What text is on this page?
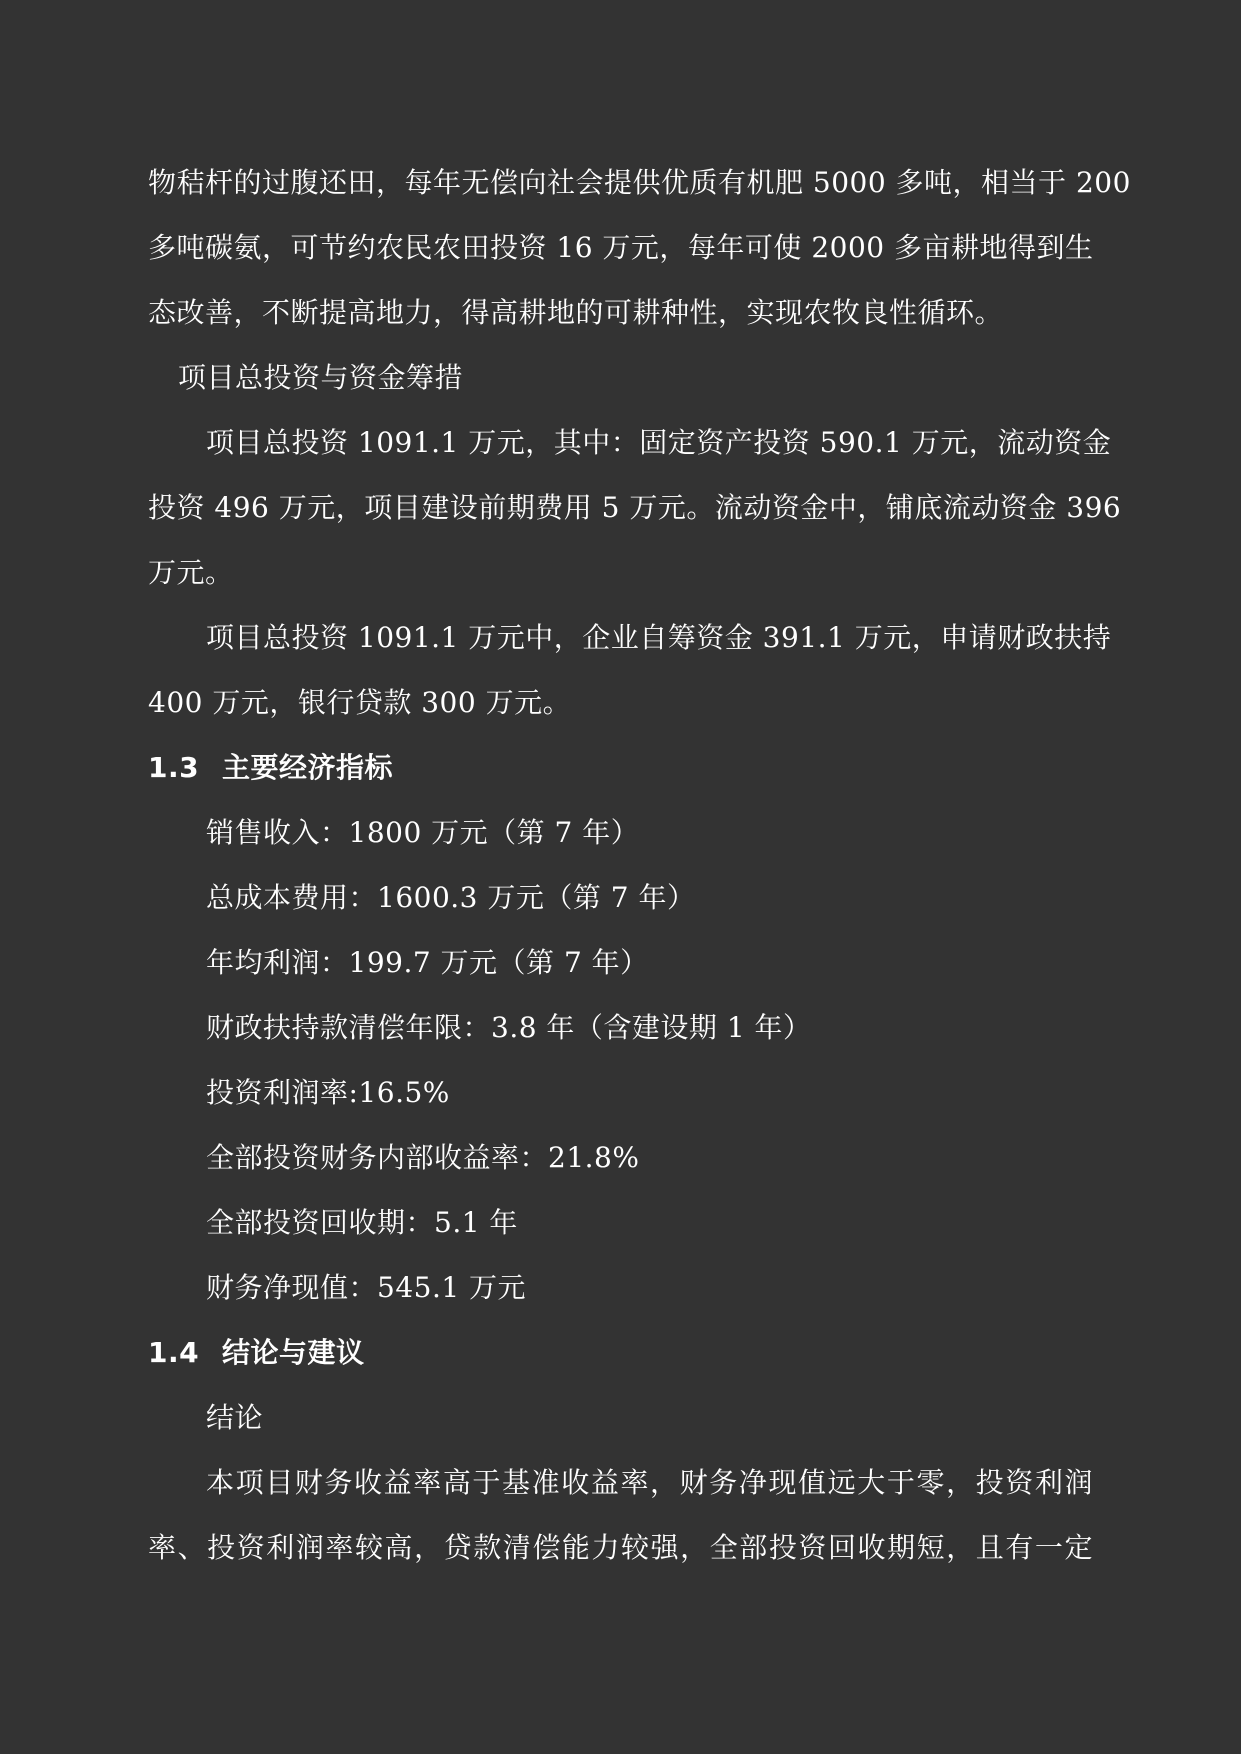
物秸杆的过腹还田，每年无偿向社会提供优质有机肥 5000 多吨，相当于 200
多吨碳氨，可节约农民农田投资 16 万元，每年可使 2000 多亩耕地得到生
态改善，不断提高地力，得高耕地的可耕种性，实现农牧良性循环。
项目总投资与资金筹措
项目总投资 1091.1 万元，其中：固定资产投资 590.1 万元，流动资金
投资 496 万元，项目建设前期费用 5 万元。流动资金中，铺底流动资金 396
万元。
项目总投资 1091.1 万元中，企业自筹资金 391.1 万元，申请财政扶持
400 万元，银行贷款 300 万元。
1.3 主要经济指标
销售收入：1800 万元（第 7 年）
总成本费用：1600.3 万元（第 7 年）
年均利润：199.7 万元（第 7 年）
财政扶持款清偿年限：3.8 年（含建设期 1 年）
投资利润率:16.5%
全部投资财务内部收益率：21.8%
全部投资回收期：5.1 年
财务净现值：545.1 万元
1.4 结论与建议
结论
本项目财务收益率高于基准收益率，财务净现值远大于零，投资利润
率、投资利润率较高，贷款清偿能力较强，全部投资回收期短，且有一定
